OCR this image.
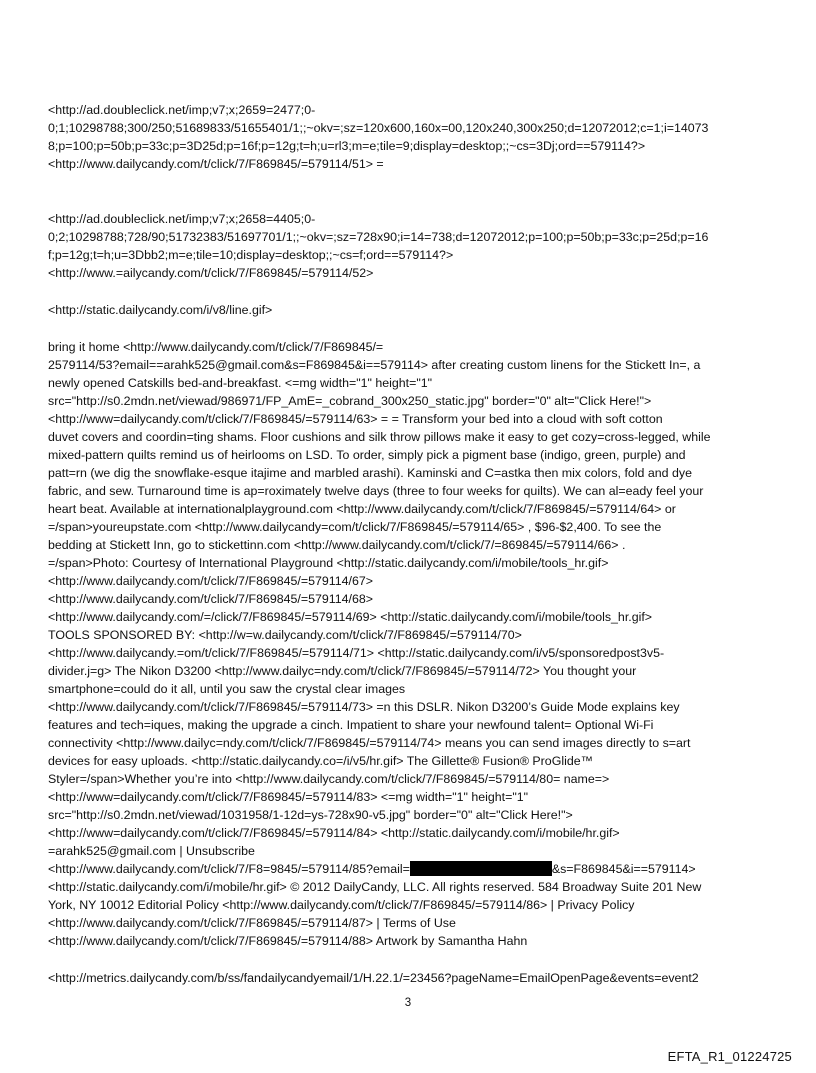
<http://ad.doubleclick.net/imp;v7;x;2659=2477;0-
0;1;10298788;300/250;51689833/51655401/1;;~okv=;sz=120x600,160x=00,120x240,300x250;d=12072012;c=1;i=14073
8;p=100;p=50b;p=33c;p=3D25d;p=16f;p=12g;t=h;u=rl3;m=e;tile=9;display=desktop;;~cs=3Dj;ord==579114?>
<http://www.dailycandy.com/t/click/7/F869845/=579114/51> =
<http://ad.doubleclick.net/imp;v7;x;2658=4405;0-
0;2;10298788;728/90;51732383/51697701/1;;~okv=;sz=728x90;i=14=738;d=12072012;p=100;p=50b;p=33c;p=25d;p=16
f;p=12g;t=h;u=3Dbb2;m=e;tile=10;display=desktop;;~cs=f;ord==579114?>
<http://www.=ailycandy.com/t/click/7/F869845/=579114/52>
<http://static.dailycandy.com/i/v8/line.gif>
bring it home <http://www.dailycandy.com/t/click/7/F869845/=
2579114/53?email==arahk525@gmail.com&s=F869845&i==579114> after creating custom linens for the Stickett In=, a
newly opened Catskills bed-and-breakfast. <=mg width="1" height="1"
src="http://s0.2mdn.net/viewad/986971/FP_AmE=_cobrand_300x250_static.jpg" border="0" alt="Click Here!">
<http://www=dailycandy.com/t/click/7/F869845/=579114/63> = = Transform your bed into a cloud with soft cotton
duvet covers and coordin=ting shams. Floor cushions and silk throw pillows make it easy to get cozy=cross-legged, while
mixed-pattern quilts remind us of heirlooms on LSD. To order, simply pick a pigment base (indigo, green, purple) and
patt=rn (we dig the snowflake-esque itajime and marbled arashi). Kaminski and C=astka then mix colors, fold and dye
fabric, and sew. Turnaround time is ap=roximately twelve days (three to four weeks for quilts). We can al=eady feel your
heart beat. Available at internationalplayground.com <http://www.dailycandy.com/t/click/7/F869845/=579114/64> or
=/span>youreupstate.com <http://www.dailycandy=com/t/click/7/F869845/=579114/65> , $96-$2,400. To see the
bedding at Stickett Inn, go to stickettinn.com <http://www.dailycandy.com/t/click/7/=869845/=579114/66> .
=/span>Photo: Courtesy of International Playground <http://static.dailycandy.com/i/mobile/tools_hr.gif>
<http://www.dailycandy.com/t/click/7/F869845/=579114/67>
<http://www.dailycandy.com/t/click/7/F869845/=579114/68>
<http://www.dailycandy.com/=/click/7/F869845/=579114/69> <http://static.dailycandy.com/i/mobile/tools_hr.gif>
TOOLS SPONSORED BY: <http://w=w.dailycandy.com/t/click/7/F869845/=579114/70>
<http://www.dailycandy.=om/t/click/7/F869845/=579114/71> <http://static.dailycandy.com/i/v5/sponsoredpost3v5-
divider.j=g> The Nikon D3200 <http://www.dailyc=ndy.com/t/click/7/F869845/=579114/72> You thought your
smartphone=could do it all, until you saw the crystal clear images
<http://www.dailycandy.com/t/click/7/F869845/=579114/73> =n this DSLR. Nikon D3200’s Guide Mode explains key
features and tech=iques, making the upgrade a cinch. Impatient to share your newfound talent= Optional Wi-Fi
connectivity <http://www.dailyc=ndy.com/t/click/7/F869845/=579114/74> means you can send images directly to s=art
devices for easy uploads. <http://static.dailycandy.co=/i/v5/hr.gif> The Gillette® Fusion® ProGlide™
Styler=/span>Whether you’re into <http://www.dailycandy.com/t/click/7/F869845/=579114/80= name=>
<http://www=dailycandy.com/t/click/7/F869845/=579114/83> <=mg width="1" height="1"
src="http://s0.2mdn.net/viewad/1031958/1-12d=ys-728x90-v5.jpg" border="0" alt="Click Here!">
<http://www=dailycandy.com/t/click/7/F869845/=579114/84> <http://static.dailycandy.com/i/mobile/hr.gif>
=arahk525@gmail.com | Unsubscribe
<http://www.dailycandy.com/t/click/7/F8=9845/=579114/85?email=	&s=F869845&i==579114>
<http://static.dailycandy.com/i/mobile/hr.gif> © 2012 DailyCandy, LLC. All rights reserved. 584 Broadway Suite 201 New
York, NY 10012 Editorial Policy <http://www.dailycandy.com/t/click/7/F869845/=579114/86> | Privacy Policy
<http://www.dailycandy.com/t/click/7/F869845/=579114/87> | Terms of Use
<http://www.dailycandy.com/t/click/7/F869845/=579114/88> Artwork by Samantha Hahn
<http://metrics.dailycandy.com/b/ss/fandailycandyemail/1/H.22.1/=23456?pageName=EmailOpenPage&events=event2
3
EFTA_R1_01224725
